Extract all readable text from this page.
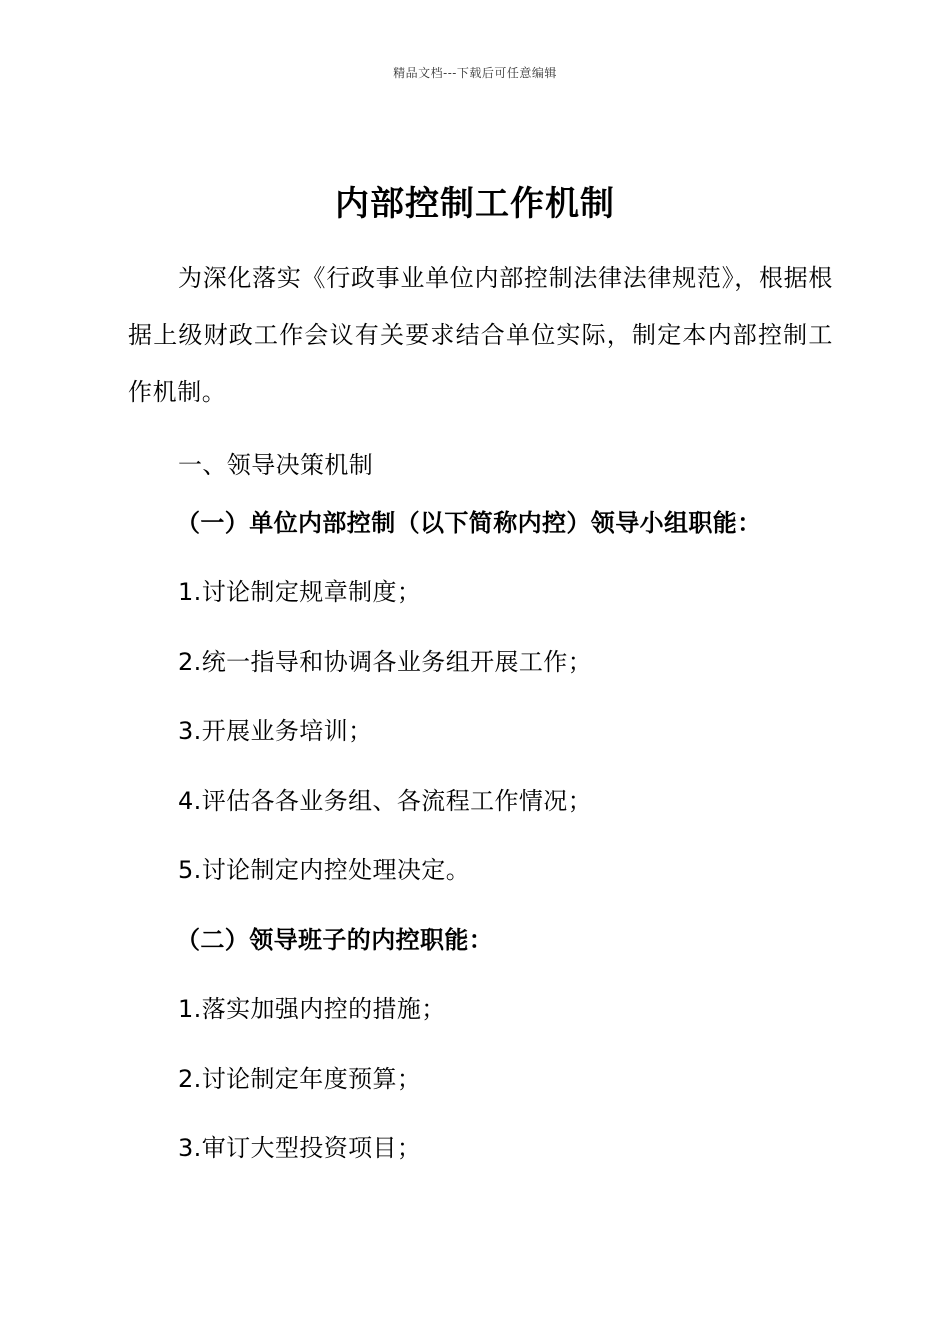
精品文档---下载后可任意编辑
内部控制工作机制
为深化落实《行政事业单位内部控制法律法律规范》，根据根据上级财政工作会议有关要求结合单位实际，制定本内部控制工作机制。
一、领导决策机制
（一）单位内部控制（以下简称内控）领导小组职能：
1.讨论制定规章制度；
2.统一指导和协调各业务组开展工作；
3.开展业务培训；
4.评估各各业务组、各流程工作情况；
5.讨论制定内控处理决定。
（二）领导班子的内控职能：
1.落实加强内控的措施；
2.讨论制定年度预算；
3.审订大型投资项目；
